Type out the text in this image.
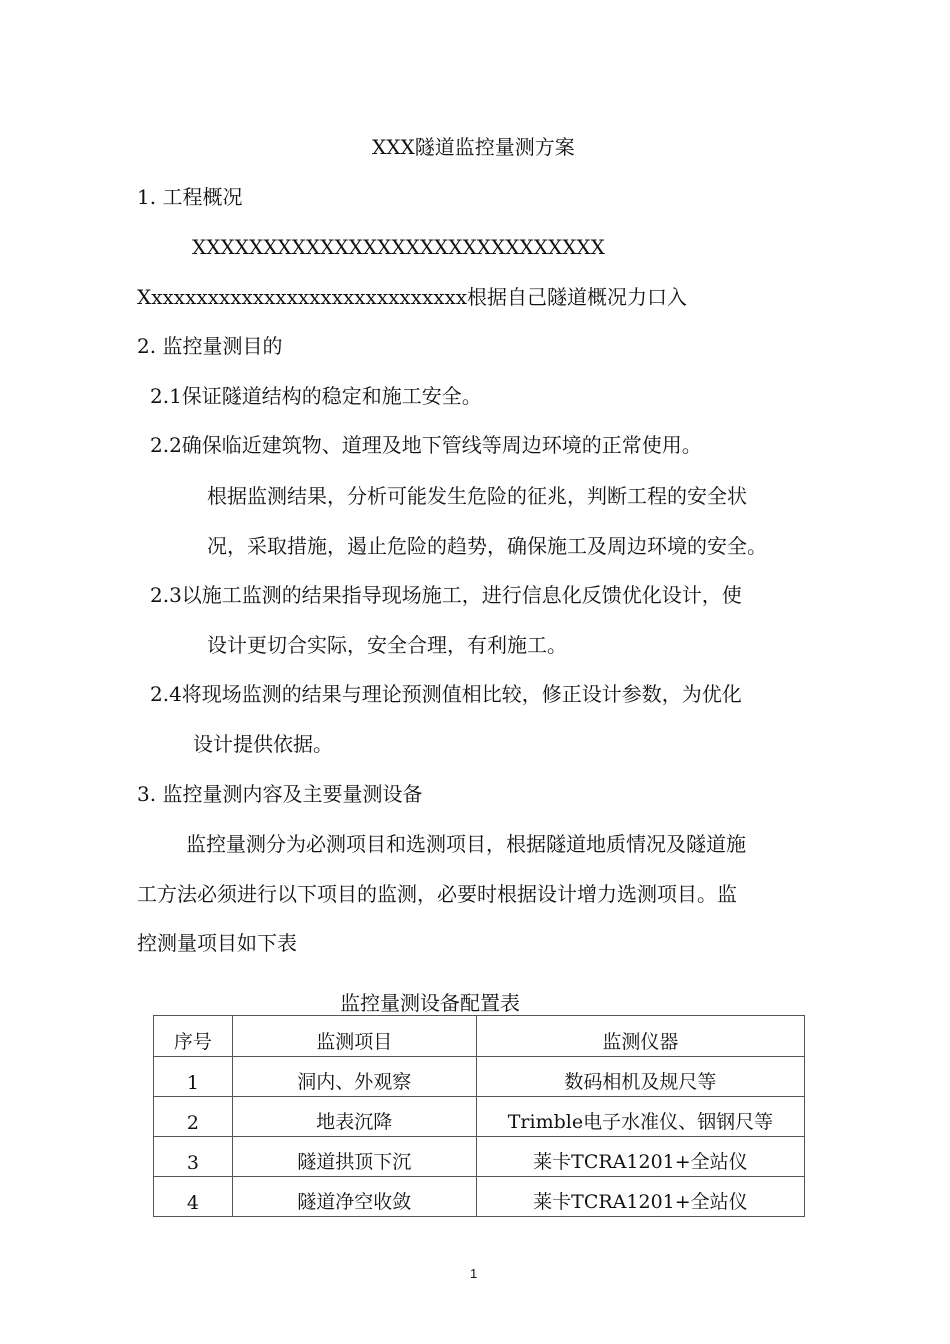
XXX隧道监控量测方案
1. 工程概况
XXXXXXXXXXXXXXXXXXXXXXXXXXXXX
Xxxxxxxxxxxxxxxxxxxxxxxxxxxxx根据自己隧道概况力口入
2. 监控量测目的
2.1保证隧道结构的稳定和施工安全。
2.2确保临近建筑物、道理及地下管线等周边环境的正常使用。
根据监测结果，分析可能发生危险的征兆，判断工程的安全状
况，采取措施，遏止危险的趋势，确保施工及周边环境的安全。
2.3以施工监测的结果指导现场施工，进行信息化反馈优化设计，使
设计更切合实际，安全合理，有利施工。
2.4将现场监测的结果与理论预测值相比较，修正设计参数，为优化
设计提供依据。
3. 监控量测内容及主要量测设备
监控量测分为必测项目和选测项目，根据隧道地质情况及隧道施
工方法必须进行以下项目的监测，必要时根据设计增力选测项目。监
控测量项目如下表
监控量测设备配置表
序号	监测项目	监测仪器
1	洞内、外观察	数码相机及规尺等
2	地表沉降	Trimble电子水准仪、铟钢尺等
3	隧道拱顶下沉	莱卡TCRA1201+全站仪
4	隧道净空收敛	莱卡TCRA1201+全站仪
1
